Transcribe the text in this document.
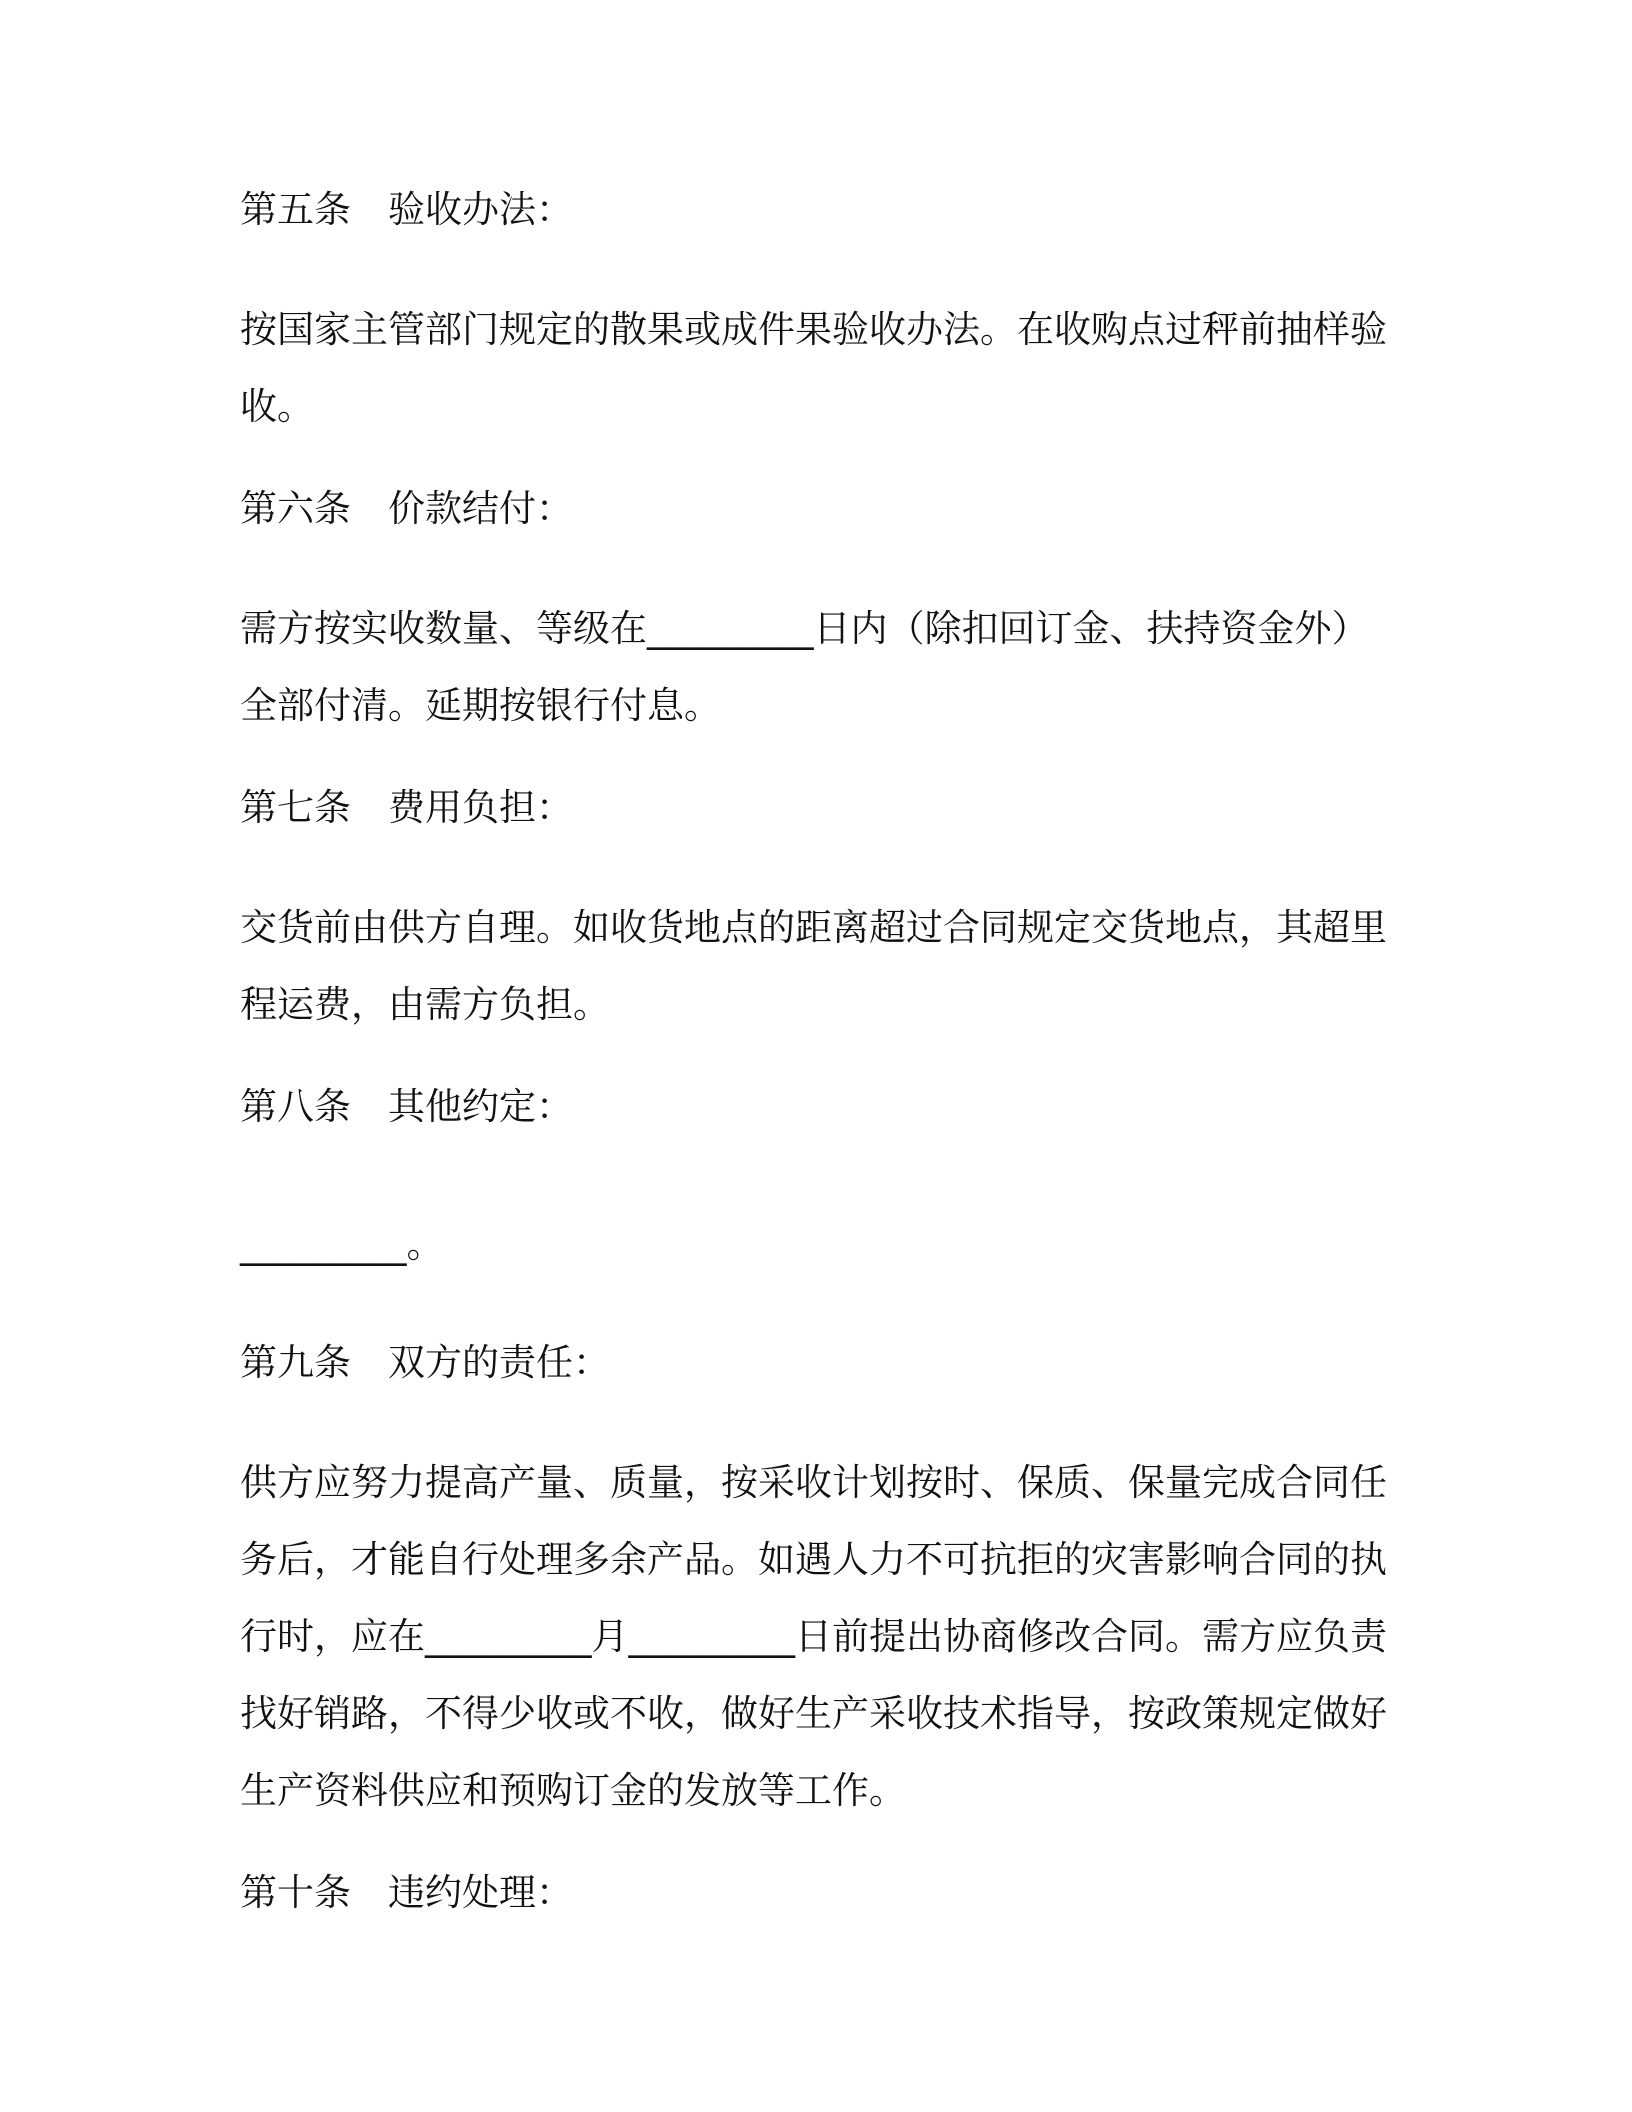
第五条　验收办法：

按国家主管部门规定的散果或成件果验收办法。在收购点过秤前抽样验收。

第六条　价款结付：

需方按实收数量、等级在_________日内（除扣回订金、扶持资金外）全部付清。延期按银行付息。

第七条　费用负担：

交货前由供方自理。如收货地点的距离超过合同规定交货地点，其超里程运费，由需方负担。

第八条　其他约定：

_________。

第九条　双方的责任：

供方应努力提高产量、质量，按采收计划按时、保质、保量完成合同任务后，才能自行处理多余产品。如遇人力不可抗拒的灾害影响合同的执行时，应在_________月_________日前提出协商修改合同。需方应负责找好销路，不得少收或不收，做好生产采收技术指导，按政策规定做好生产资料供应和预购订金的发放等工作。

第十条　违约处理：
